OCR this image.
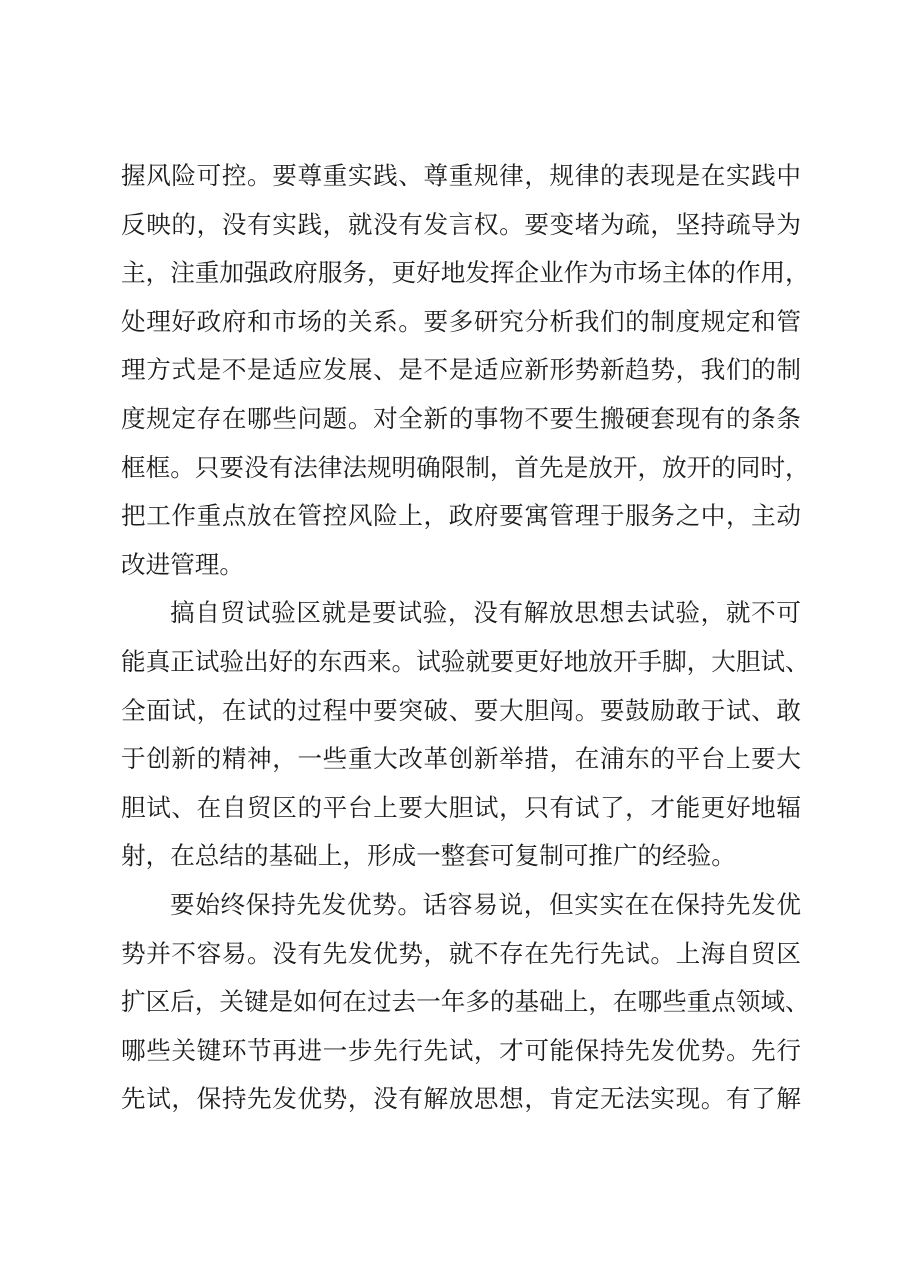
握风险可控。要尊重实践、尊重规律，规律的表现是在实践中
反映的，没有实践，就没有发言权。要变堵为疏，坚持疏导为
主，注重加强政府服务，更好地发挥企业作为市场主体的作用，
处理好政府和市场的关系。要多研究分析我们的制度规定和管
理方式是不是适应发展、是不是适应新形势新趋势，我们的制
度规定存在哪些问题。对全新的事物不要生搬硬套现有的条条
框框。只要没有法律法规明确限制，首先是放开，放开的同时，
把工作重点放在管控风险上，政府要寓管理于服务之中，主动
改进管理。
搞自贸试验区就是要试验，没有解放思想去试验，就不可
能真正试验出好的东西来。试验就要更好地放开手脚，大胆试、
全面试，在试的过程中要突破、要大胆闯。要鼓励敢于试、敢
于创新的精神，一些重大改革创新举措，在浦东的平台上要大
胆试、在自贸区的平台上要大胆试，只有试了，才能更好地辐
射，在总结的基础上，形成一整套可复制可推广的经验。
要始终保持先发优势。话容易说，但实实在在保持先发优
势并不容易。没有先发优势，就不存在先行先试。上海自贸区
扩区后，关键是如何在过去一年多的基础上，在哪些重点领域、
哪些关键环节再进一步先行先试，才可能保持先发优势。先行
先试，保持先发优势，没有解放思想，肯定无法实现。有了解
